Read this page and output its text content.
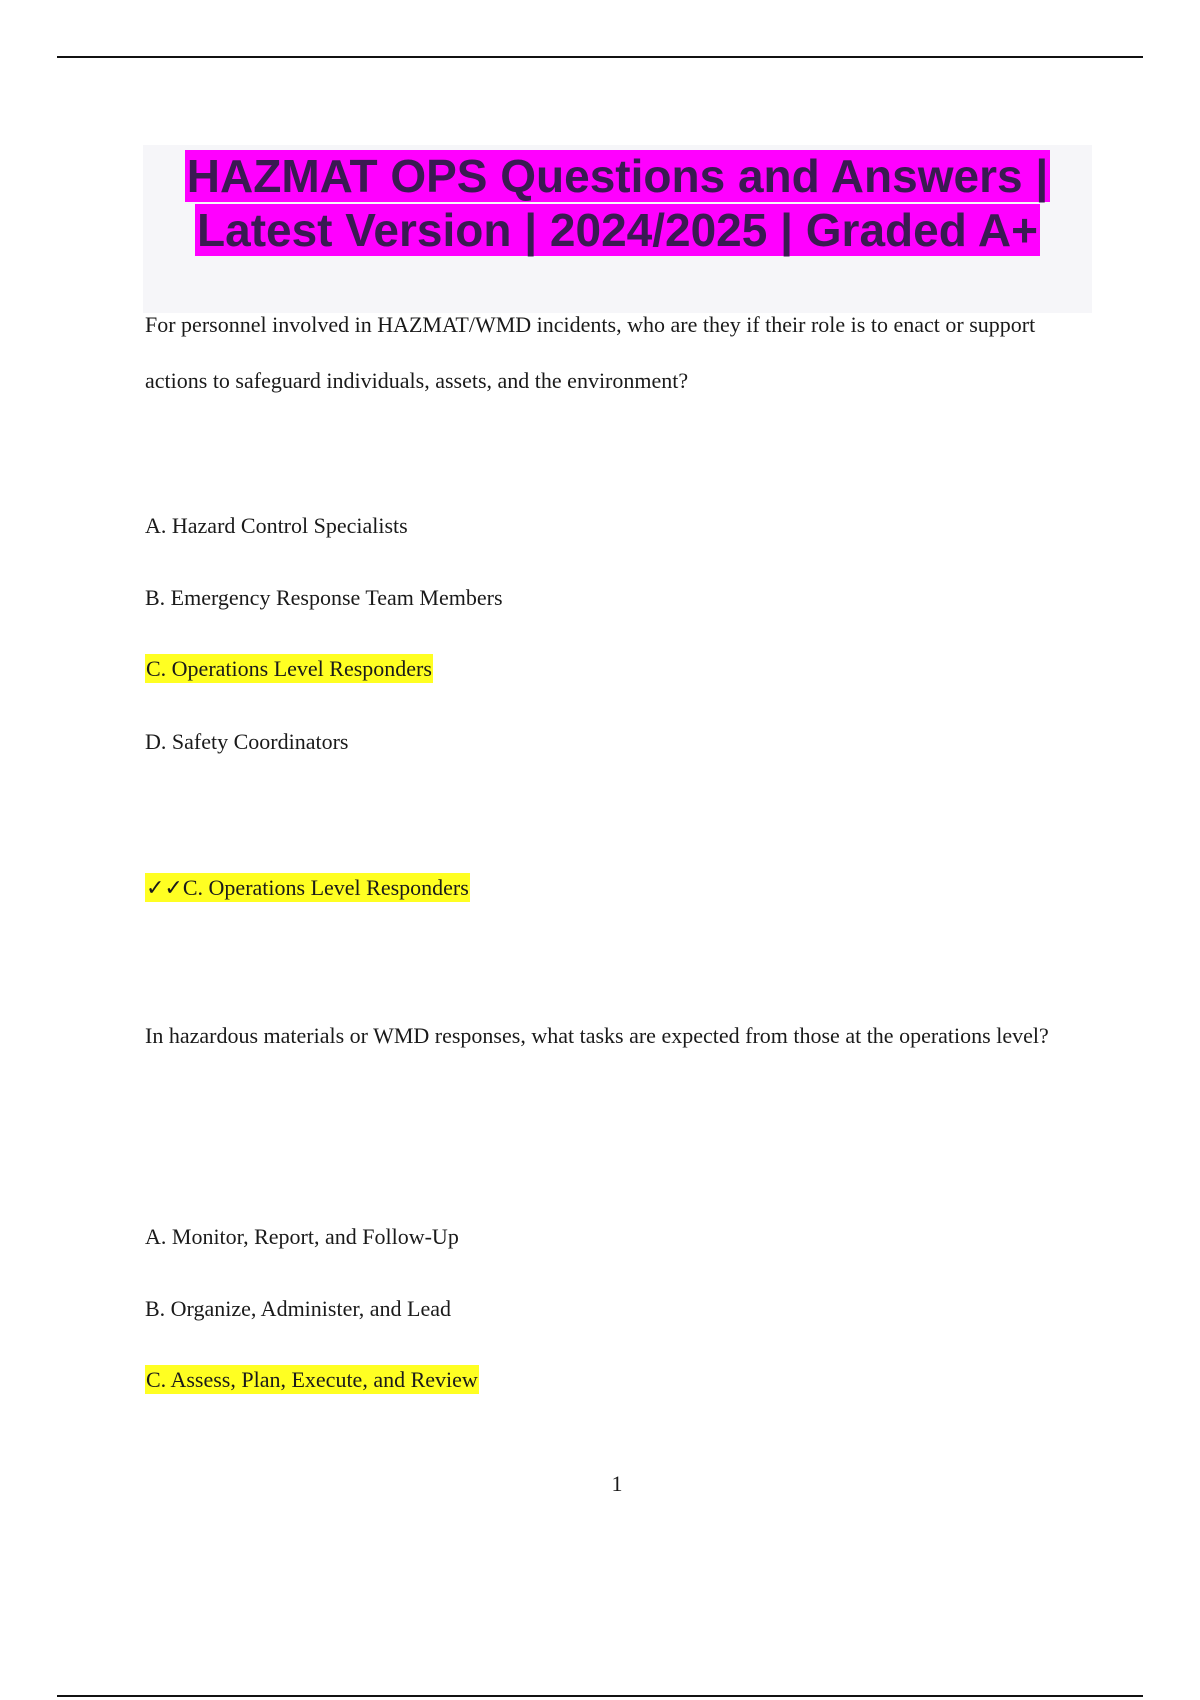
HAZMAT OPS Questions and Answers |
Latest Version | 2024/2025 | Graded A+

For personnel involved in HAZMAT/WMD incidents, who are they if their role is to enact or support actions to safeguard individuals, assets, and the environment?

A. Hazard Control Specialists
B. Emergency Response Team Members
C. Operations Level Responders
D. Safety Coordinators
✓✓C. Operations Level Responders

In hazardous materials or WMD responses, what tasks are expected from those at the operations level?

A. Monitor, Report, and Follow-Up
B. Organize, Administer, and Lead
C. Assess, Plan, Execute, and Review
1
